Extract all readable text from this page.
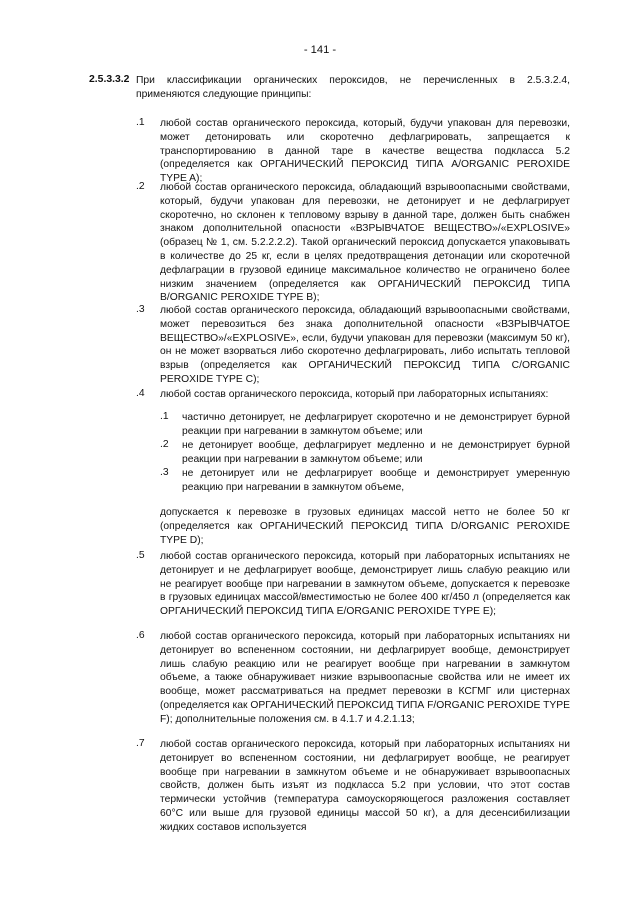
- 141 -
2.5.3.3.2 При классификации органических пероксидов, не перечисленных в 2.5.3.2.4, применяются следующие принципы:
.1	любой состав органического пероксида, который, будучи упакован для перевозки, может детонировать или скоротечно дефлагрировать, запрещается к транспортированию в данной таре в качестве вещества подкласса 5.2 (определяется как ОРГАНИЧЕСКИЙ ПЕРОКСИД ТИПА A/ORGANIC PEROXIDE TYPE A);
.2	любой состав органического пероксида, обладающий взрывоопасными свойствами, который, будучи упакован для перевозки, не детонирует и не дефлагрирует скоротечно, но склонен к тепловому взрыву в данной таре, должен быть снабжен знаком дополнительной опасности «ВЗРЫВЧАТОЕ ВЕЩЕСТВО»/«EXPLOSIVE» (образец № 1, см. 5.2.2.2.2). Такой органический пероксид допускается упаковывать в количестве до 25 кг, если в целях предотвращения детонации или скоротечной дефлаграции в грузовой единице максимальное количество не ограничено более низким значением (определяется как ОРГАНИЧЕСКИЙ ПЕРОКСИД ТИПА B/ORGANIC PEROXIDE TYPE B);
.3	любой состав органического пероксида, обладающий взрывоопасными свойствами, может перевозиться без знака дополнительной опасности «ВЗРЫВЧАТОЕ ВЕЩЕСТВО»/«EXPLOSIVE», если, будучи упакован для перевозки (максимум 50 кг), он не может взорваться либо скоротечно дефлагрировать, либо испытать тепловой взрыв (определяется как ОРГАНИЧЕСКИЙ ПЕРОКСИД ТИПА C/ORGANIC PEROXIDE TYPE C);
.4	любой состав органического пероксида, который при лабораторных испытаниях:
.1 частично детонирует, не дефлагрирует скоротечно и не демонстрирует бурной реакции при нагревании в замкнутом объеме; или
.2 не детонирует вообще, дефлагрирует медленно и не демонстрирует бурной реакции при нагревании в замкнутом объеме; или
.3 не детонирует или не дефлагрирует вообще и демонстрирует умеренную реакцию при нагревании в замкнутом объеме,
допускается к перевозке в грузовых единицах массой нетто не более 50 кг (определяется как ОРГАНИЧЕСКИЙ ПЕРОКСИД ТИПА D/ORGANIC PEROXIDE TYPE D);
.5	любой состав органического пероксида, который при лабораторных испытаниях не детонирует и не дефлагрирует вообще, демонстрирует лишь слабую реакцию или не реагирует вообще при нагревании в замкнутом объеме, допускается к перевозке в грузовых единицах массой/вместимостью не более 400 кг/450 л (определяется как ОРГАНИЧЕСКИЙ ПЕРОКСИД ТИПА E/ORGANIC PEROXIDE TYPE E);
.6	любой состав органического пероксида, который при лабораторных испытаниях ни детонирует во вспененном состоянии, ни дефлагрирует вообще, демонстрирует лишь слабую реакцию или не реагирует вообще при нагревании в замкнутом объеме, а также обнаруживает низкие взрывоопасные свойства или не имеет их вообще, может рассматриваться на предмет перевозки в КСГМГ или цистернах (определяется как ОРГАНИЧЕСКИЙ ПЕРОКСИД ТИПА F/ORGANIC PEROXIDE TYPE F); дополнительные положения см. в 4.1.7 и 4.2.1.13;
.7	любой состав органического пероксида, который при лабораторных испытаниях ни детонирует во вспененном состоянии, ни дефлагрирует вообще, не реагирует вообще при нагревании в замкнутом объеме и не обнаруживает взрывоопасных свойств, должен быть изъят из подкласса 5.2 при условии, что этот состав термически устойчив (температура самоускоряющегося разложения составляет 60°C или выше для грузовой единицы массой 50 кг), а для десенсибилизации жидких составов используется
